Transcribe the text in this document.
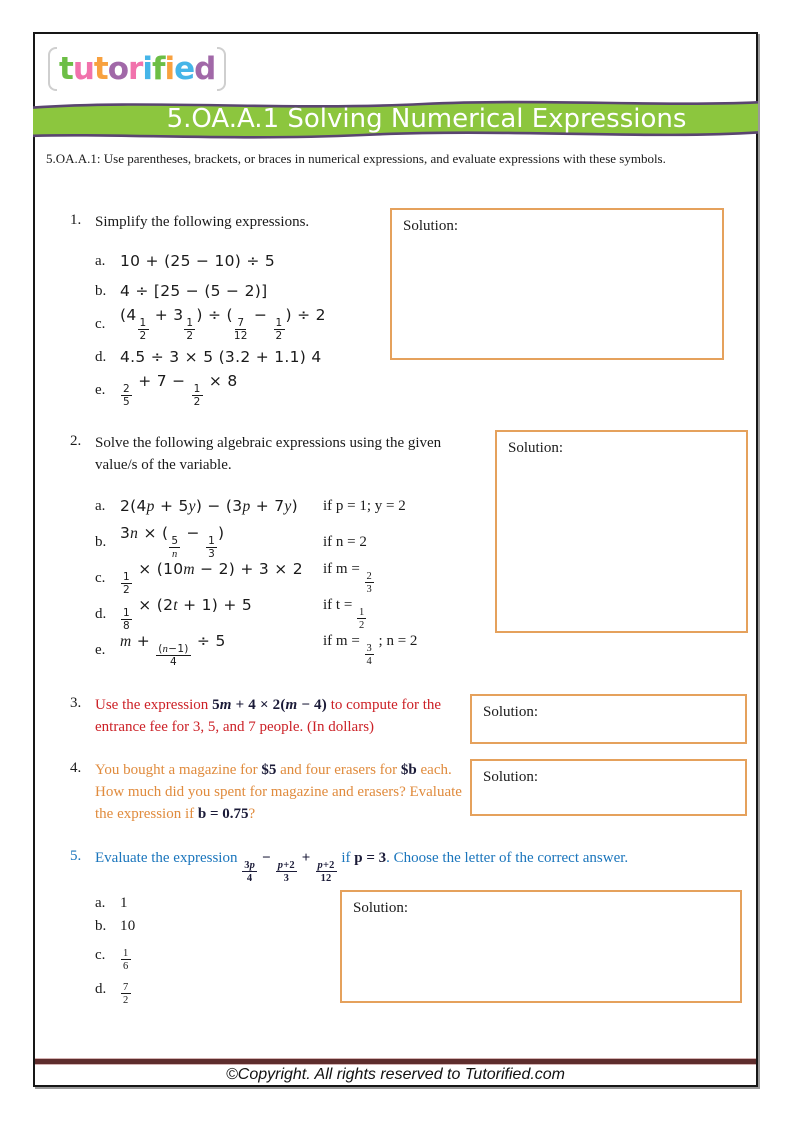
tutorified
5.OA.A.1 Solving Numerical Expressions
5.OA.A.1: Use parentheses, brackets, or braces in numerical expressions, and evaluate expressions with these symbols.
1. Simplify the following expressions.
a. 10 + (25 − 10) ÷ 5
b. 4 ÷ [25 − (5 − 2)]
c. (4
$\frac{1}{2}$
+ 3
$\frac{1}{2}$
) ÷ (
$\frac{7}{12}$
−
$\frac{1}{2}$
) ÷ 2
d. 4.5 ÷ 3 × 5 (3.2 + 1.1) 4
e.	$\frac{2}{5}$
+ 7 −
$\frac{1}{2}$
× 8
Solution:
2. Solve the following algebraic expressions using the given value/s of the variable.
a. 2(4p + 5y) − (3p + 7y) if p = 1; y = 2
b. 3n × (
$\frac{5}{n}$
−
$\frac{1}{3}$
)	if n = 2
c.	$\frac{1}{2}$
× (10m − 2) + 3 × 2 if m =
$\frac{2}{3}$
d.	$\frac{1}{8}$
× (2t + 1) + 5	if t =
$\frac{1}{2}$
e. m +
$\frac{(n-1)}{4}$
÷ 5	if m =
$\frac{3}{4}$
; n = 2
Solution:
3. Use the expression 5m + 4 × 2(m − 4) to compute for the entrance fee for 3, 5, and 7 people. (In dollars)
Solution:
4. You bought a magazine for $5 and four erasers for $b each. How much did you spent for magazine and erasers? Evaluate the expression if b = 0.75?
Solution:
5. Evaluate the expression
$\frac{3p}{4}$
−
$\frac{p+2}{3}$
+
$\frac{p+2}{12}$
if p = 3. Choose the letter of the correct answer.
a. 1
b. 10
c.	$\frac{1}{6}$
d.	$\frac{7}{2}$
Solution:
©Copyright. All rights reserved to Tutorified.com
